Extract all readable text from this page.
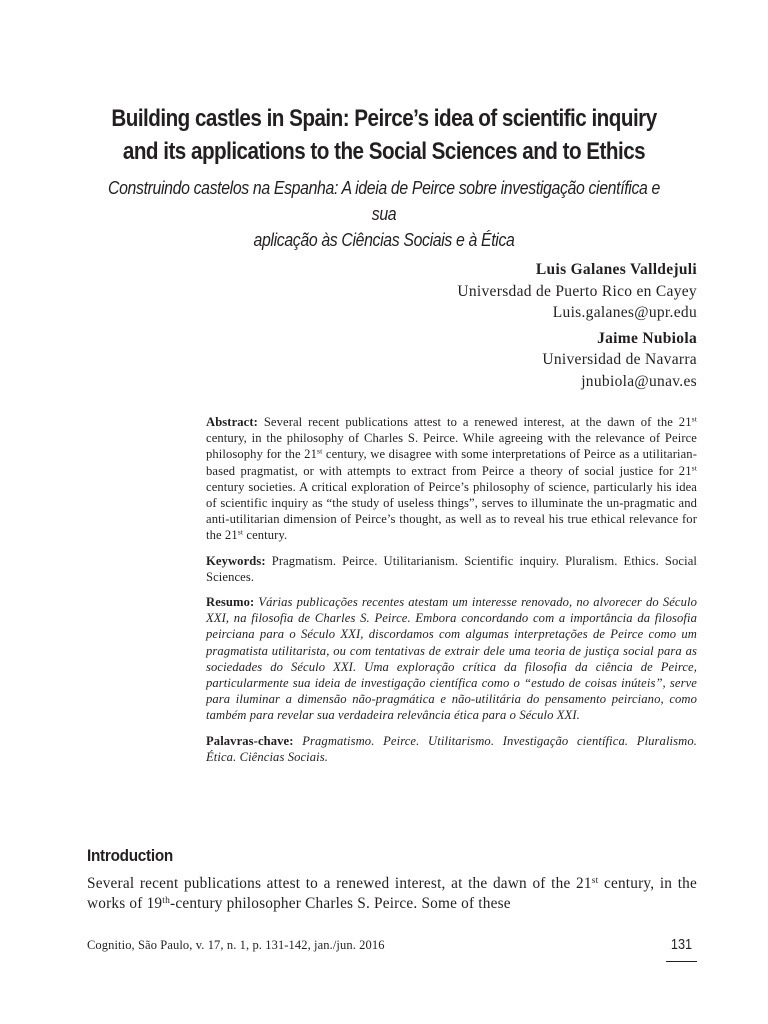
Building castles in Spain: Peirce’s idea of scientific inquiry
and its applications to the Social Sciences and to Ethics
Construindo castelos na Espanha: A ideia de Peirce sobre investigação científica e sua
aplicação às Ciências Sociais e à Ética
Luis Galanes Valldejuli
Universdad de Puerto Rico en Cayey
Luis.galanes@upr.edu
Jaime Nubiola
Universidad de Navarra
jnubiola@unav.es

Abstract: Several recent publications attest to a renewed interest, at the dawn of the 21st century, in the philosophy of Charles S. Peirce. While agreeing with the relevance of Peirce philosophy for the 21st century, we disagree with some interpretations of Peirce as a utilitarian-based pragmatist, or with attempts to extract from Peirce a theory of social justice for 21st century societies. A critical exploration of Peirce’s philosophy of science, particularly his idea of scientific inquiry as “the study of useless things”, serves to illuminate the un-pragmatic and anti-utilitarian dimension of Peirce’s thought, as well as to reveal his true ethical relevance for the 21st century.

Keywords: Pragmatism. Peirce. Utilitarianism. Scientific inquiry. Pluralism. Ethics. Social Sciences.

Resumo: Várias publicações recentes atestam um interesse renovado, no alvorecer do Século XXI, na filosofia de Charles S. Peirce. Embora concordando com a importância da filosofia peirciana para o Século XXI, discordamos com algumas interpretações de Peirce como um pragmatista utilitarista, ou com tentativas de extrair dele uma teoria de justiça social para as sociedades do Século XXI. Uma exploração crítica da filosofia da ciência de Peirce, particularmente sua ideia de investigação científica como o “estudo de coisas inúteis”, serve para iluminar a dimensão não-pragmática e não-utilitária do pensamento peirciano, como também para revelar sua verdadeira relevância ética para o Século XXI.

Palavras-chave: Pragmatismo. Peirce. Utilitarismo. Investigação científica. Pluralismo. Ética. Ciências Sociais.

Introduction
Several recent publications attest to a renewed interest, at the dawn of the 21st century, in the works of 19th-century philosopher Charles S. Peirce. Some of these
Cognitio, São Paulo, v. 17, n. 1, p. 131-142, jan./jun. 2016	131
